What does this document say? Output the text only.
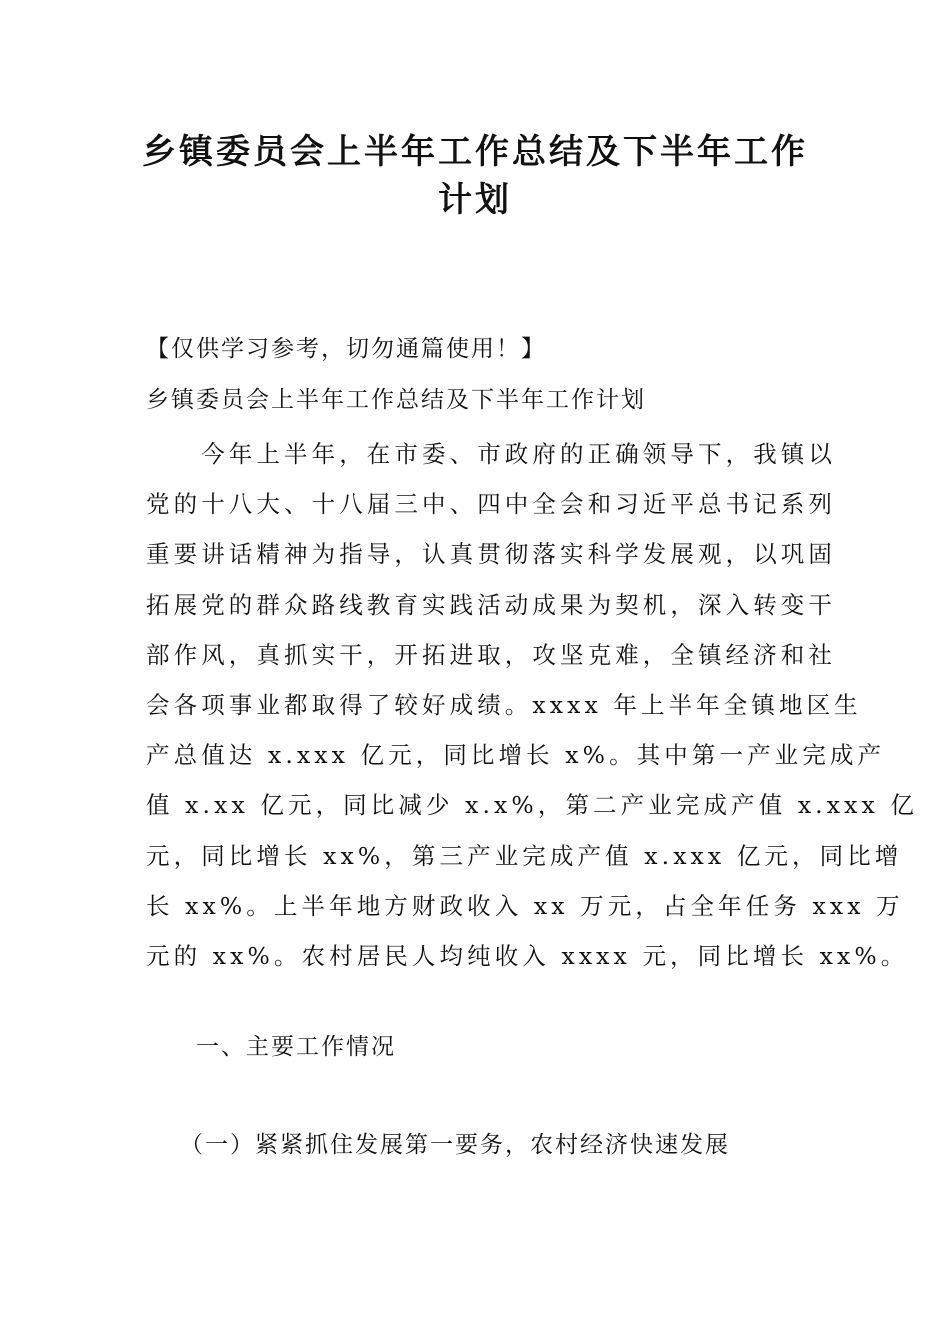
乡镇委员会上半年工作总结及下半年工作
计划

【仅供学习参考，切勿通篇使用！】

乡镇委员会上半年工作总结及下半年工作计划

　　今年上半年，在市委、市政府的正确领导下，我镇以
党的十八大、十八届三中、四中全会和习近平总书记系列
重要讲话精神为指导，认真贯彻落实科学发展观，以巩固
拓展党的群众路线教育实践活动成果为契机，深入转变干
部作风，真抓实干，开拓进取，攻坚克难，全镇经济和社
会各项事业都取得了较好成绩。xxxx 年上半年全镇地区生
产总值达 x.xxx 亿元，同比增长 x%。其中第一产业完成产
值 x.xx 亿元，同比减少 x.x%，第二产业完成产值 x.xxx 亿
元，同比增长 xx%，第三产业完成产值 x.xxx 亿元，同比增
长 xx%。上半年地方财政收入 xx 万元，占全年任务 xxx 万
元的 xx%。农村居民人均纯收入 xxxx 元，同比增长 xx%。

一、主要工作情况

（一）紧紧抓住发展第一要务，农村经济快速发展
